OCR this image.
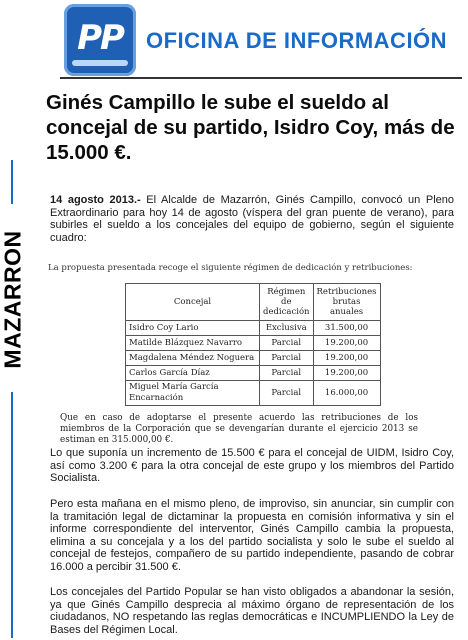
PP	OFICINA DE INFORMACIÓN
Ginés Campillo le sube el sueldo al concejal de su partido, Isidro Coy, más de 15.000 €.
MAZARRON
14 agosto 2013.- El Alcalde de Mazarrón, Ginés Campillo, convocó un Pleno Extraordinario para hoy 14 de agosto (víspera del gran puente de verano), para subirles el sueldo a los concejales del equipo de gobierno, según el siguiente cuadro:
La propuesta presentada recoge el siguiente régimen de dedicación y retribuciones:
Concejal	Régimen de dedicación	Retribuciones brutas anuales
Isidro Coy Lario	Exclusiva	31.500,00
Matilde Blázquez Navarro	Parcial	19.200,00
Magdalena Méndez Noguera	Parcial	19.200,00
Carlos García Díaz	Parcial	19.200,00
Miguel María García Encarnación	Parcial	16.000,00
Que en caso de adoptarse el presente acuerdo las retribuciones de los miembros de la Corporación que se devengarían durante el ejercicio 2013 se estiman en 315.000,00 €.
Lo que suponía un incremento de 15.500 € para el concejal de UIDM, Isidro Coy, así como 3.200 € para la otra concejal de este grupo y los miembros del Partido Socialista.
Pero esta mañana en el mismo pleno, de improviso, sin anunciar, sin cumplir con la tramitación legal de dictaminar la propuesta en comisión informativa y sin el informe correspondiente del interventor, Ginés Campillo cambia la propuesta, elimina a su concejala y a los del partido socialista y solo le sube el sueldo al concejal de festejos, compañero de su partido independiente, pasando de cobrar 16.000 a percibir 31.500 €.
Los concejales del Partido Popular se han visto obligados a abandonar la sesión, ya que Ginés Campillo desprecia al máximo órgano de representación de los ciudadanos, NO respetando las reglas democráticas e INCUMPLIENDO la Ley de Bases del Régimen Local.
